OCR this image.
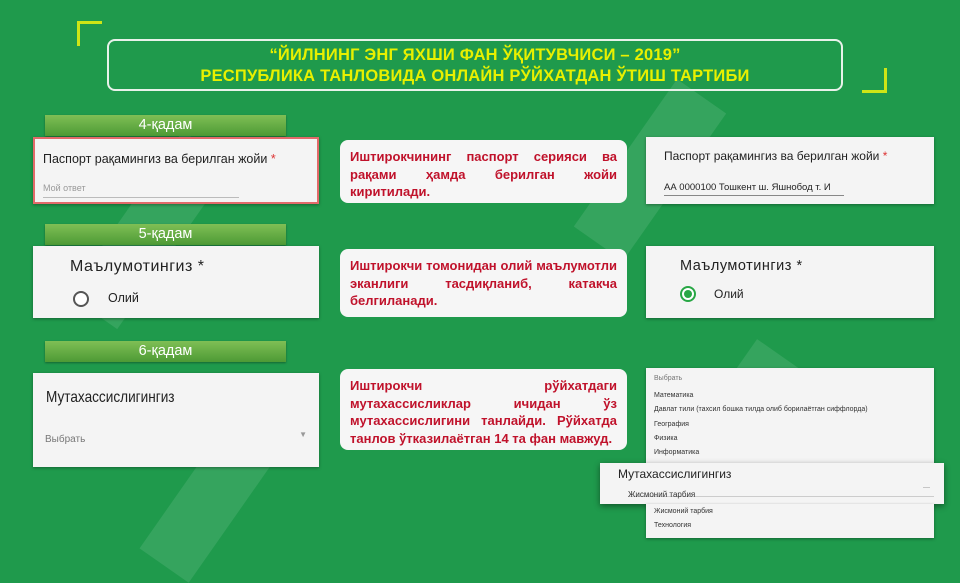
“ЙИЛНИНГ ЭНГ ЯХШИ ФАН ЎҚИТУВЧИСИ – 2019”
РЕСПУБЛИКА ТАНЛОВИДА ОНЛАЙН РЎЙХАТДАН ЎТИШ ТАРТИБИ
4-қадам
Паспорт рақамингиз ва берилган жойи *
Мой ответ
Иштирокчининг паспорт серияси ва рақами ҳамда берилган жойи киритилади.
Паспорт рақамингиз ва берилган жойи *
АА 0000100 Тошкент ш. Яшнобод т. И
5-қадам
Маълумотингиз *
Олий
Иштирокчи томонидан олий маълумотли эканлиги тасдиқланиб, катакча белгиланади.
Маълумотингиз *
Олий
6-қадам
Мутахассислигингиз
Выбрать	▼
Иштирокчи рўйхатдаги мутахассисликлар ичидан ўз мутахассислигини танлайди. Рўйхатда танлов ўтказилаётган 14 та фан мавжуд.
Выбрать
Математика
Давлат тили (тахсил бошка тилда олиб борилаётган сиффлорда)
География
Физика
Информатика
Мутахассислигингиз
Жисмоний тарбия
—
Жисмоний тарбия
Технология
